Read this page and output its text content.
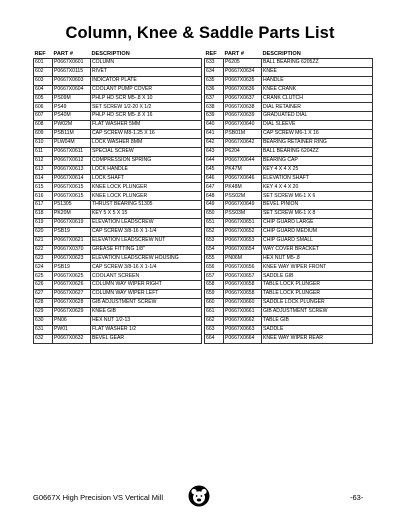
Column, Knee & Saddle Parts List
REF	PART #	DESCRIPTION
601	P0667X0601	COLUMN
602	P0667X0115	RIVET
603	P0667X0603	INDICATOR PLATE
604	P0667X0604	COOLANT PUMP COVER
605	PS09M	PHLP HD SCR M5-.8 X 10
606	PS49	SET SCREW 1/2-20 X 1/2
607	PS40M	PHLP HD SCR M5-.8 X 16
608	PW02M	FLAT WASHER 5MM
609	PSB11M	CAP SCREW M8-1.25 X 16
610	PLW04M	LOCK WASHER 8MM
611	P0667X0611	SPECIAL SCREW
612	P0667X0612	COMPRESSION SPRING
613	P0667X0613	LOCK HANDLE
614	P0667X0614	LOCK SHAFT
615	P0667X0615	KNEE LOCK PLUNGER
616	P0667X0615	KNEE LOCK PLUNGER
617	P51305	THRUST BEARING 51305
618	PK20M	KEY 5 X 5 X 15
619	P0667X0619	ELEVATION LEADSCREW
620	PSB19	CAP SCREW 3/8-16 X 1-1/4
621	P0667X0621	ELEVATION LEADSCREW NUT
622	P0667X0370	GREASE FITTING 1/8"
623	P0667X0623	ELEVATION LEADSCREW HOUSING
624	PSB19	CAP SCREW 3/8-16 X 1-1/4
625	P0667X0625	COOLANT SCREEN
626	P0667X0626	COLUMN WAY WIPER RIGHT
627	P0667X0627	COLUMN WAY WIPER LEFT
628	P0667X0628	GIB ADJUSTMENT SCREW
629	P0667X0629	KNEE GIB
630	PN06	HEX NUT 1/2-13
631	PW01	FLAT WASHER 1/2
632	P0667X0632	BEVEL GEAR
REF	PART #	DESCRIPTION
633	P6205	BALL BEARING 6205ZZ
634	P0667X0634	KNEE
635	P0667X0635	HANDLE
636	P0667X0636	KNEE CRANK
637	P0667X0637	CRANK CLUTCH
638	P0667X0638	DIAL RETAINER
639	P0667X0639	GRADUATED DIAL
640	P0667X0640	DIAL SLEEVE
641	PSB01M	CAP SCREW M6-1 X 16
642	P0667X0642	BEARING RETAINER RING
643	P6204	BALL BEARING 6204ZZ
644	P0667X0644	BEARING CAP
645	PK47M	KEY 4 X 4 X 25
646	P0667X0646	ELEVATION SHAFT
647	PK48M	KEY 4 X 4 X 20
648	PSS02M	SET SCREW M6-1 X 6
649	P0667X0649	BEVEL PINION
650	PSS03M	SET SCREW M6-1 X 8
651	P0667X0651	CHIP GUARD LARGE
652	P0667X0652	CHIP GUARD MEDIUM
653	P0667X0653	CHIP GUARD SMALL
654	P0667X0654	WAY COVER BRACKET
655	PN06M	HEX NUT M5-.8
656	P0667X0656	KNEE WAY WIPER FRONT
657	P0667X0657	SADDLE GIB
658	P0667X0658	TABLE LOCK PLUNGER
659	P0667X0658	TABLE LOCK PLUNGER
660	P0667X0660	SADDLE LOCK PLUNGER
661	P0667X0661	GIB ADJUSTMENT SCREW
662	P0667X0662	TABLE GIB
663	P0667X0663	SADDLE
664	P0667X0664	KNEE WAY WIPER REAR

G0667X High Precision VS Vertical Mill	-63-
